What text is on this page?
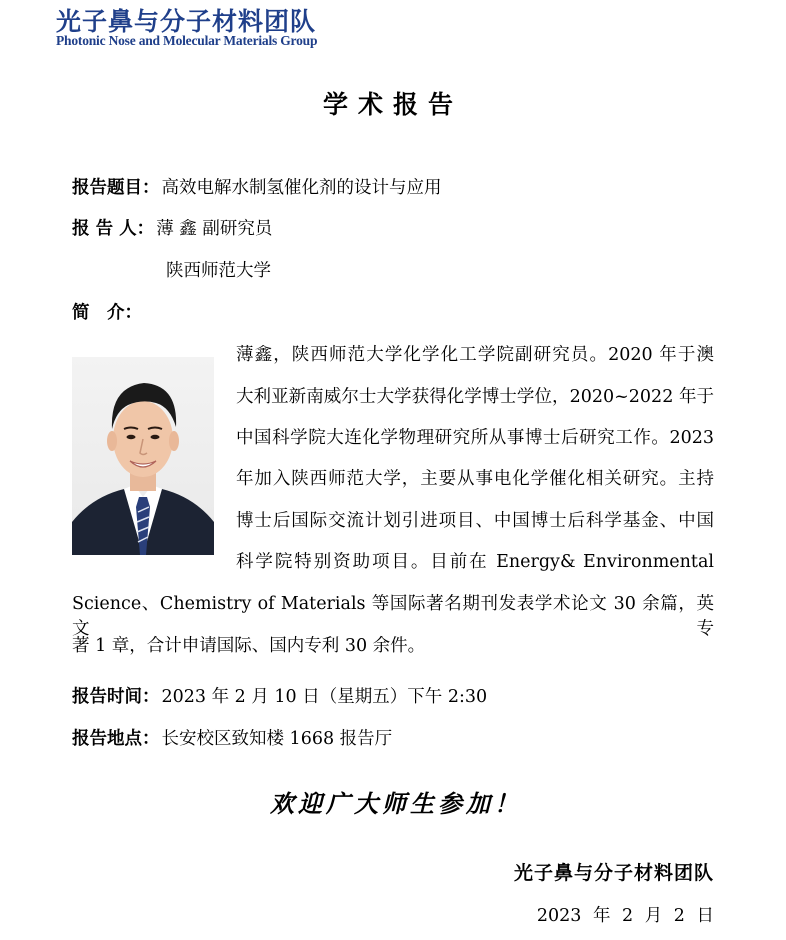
光子鼻与分子材料团队
Photonic Nose and Molecular Materials Group
学术报告
报告题目： 高效电解水制氢催化剂的设计与应用
报 告 人： 薄 鑫 副研究员
陕西师范大学
简　介：
薄鑫，陕西师范大学化学化工学院副研究员。2020 年于澳
大利亚新南威尔士大学获得化学博士学位，2020~2022 年于
中国科学院大连化学物理研究所从事博士后研究工作。2023
年加入陕西师范大学，主要从事电化学催化相关研究。主持
博士后国际交流计划引进项目、中国博士后科学基金、中国
科学院特别资助项目。目前在 Energy& Environmental
Science、Chemistry of Materials 等国际著名期刊发表学术论文 30 余篇，英文专
著 1 章，合计申请国际、国内专利 30 余件。
报告时间： 2023 年 2 月 10 日（星期五）下午 2:30
报告地点： 长安校区致知楼 1668 报告厅
欢迎广大师生参加！
光子鼻与分子材料团队
2023 年 2 月 2 日
